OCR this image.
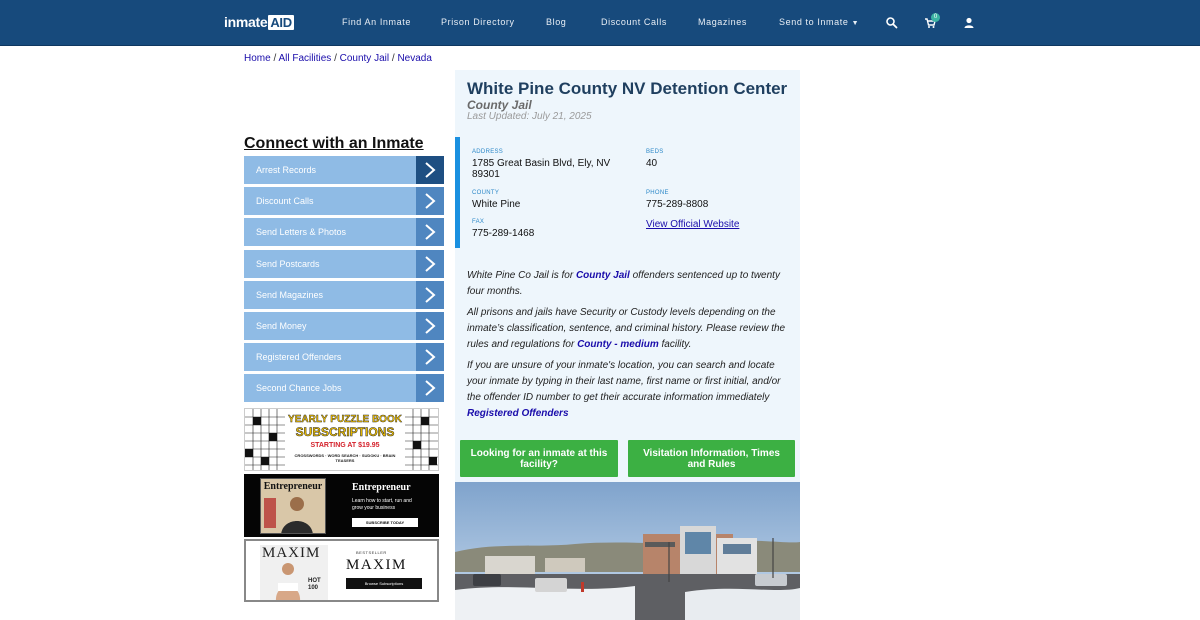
inmate AID	Find An Inmate	Prison Directory	Blog	Discount Calls	Magazines	Send to Inmate ▼
0
Home / All Facilities / County Jail / Nevada
Connect with an Inmate
Arrest Records
Discount Calls
Send Letters & Photos
Send Postcards
Send Magazines
Send Money
Registered Offenders
Second Chance Jobs
YEARLY PUZZLE BOOK
SUBSCRIPTIONS
STARTING AT $19.95
CROSSWORDS · WORD SEARCH · SUDOKU · BRAIN TEASERS
Entrepreneur	Entrepreneur
Learn how to start, run and
grow your business
SUBSCRIBE TODAY
MAXIM
HOT 100
BESTSELLER
MAXIM
Browse Subscriptions
White Pine County NV Detention Center
County Jail
Last Updated: July 21, 2025
ADDRESS
1785 Great Basin Blvd, Ely, NV 89301
BEDS
40
COUNTY
White Pine
PHONE
775-289-8808
FAX
775-289-1468
View Official Website
White Pine Co Jail is for County Jail offenders sentenced up to twenty four months.
All prisons and jails have Security or Custody levels depending on the inmate’s classification, sentence, and criminal history. Please review the rules and regulations for County - medium facility.
If you are unsure of your inmate's location, you can search and locate your inmate by typing in their last name, first name or first initial, and/or the offender ID number to get their accurate information immediately Registered Offenders
Looking for an inmate at this facility?
Visitation Information, Times and Rules
